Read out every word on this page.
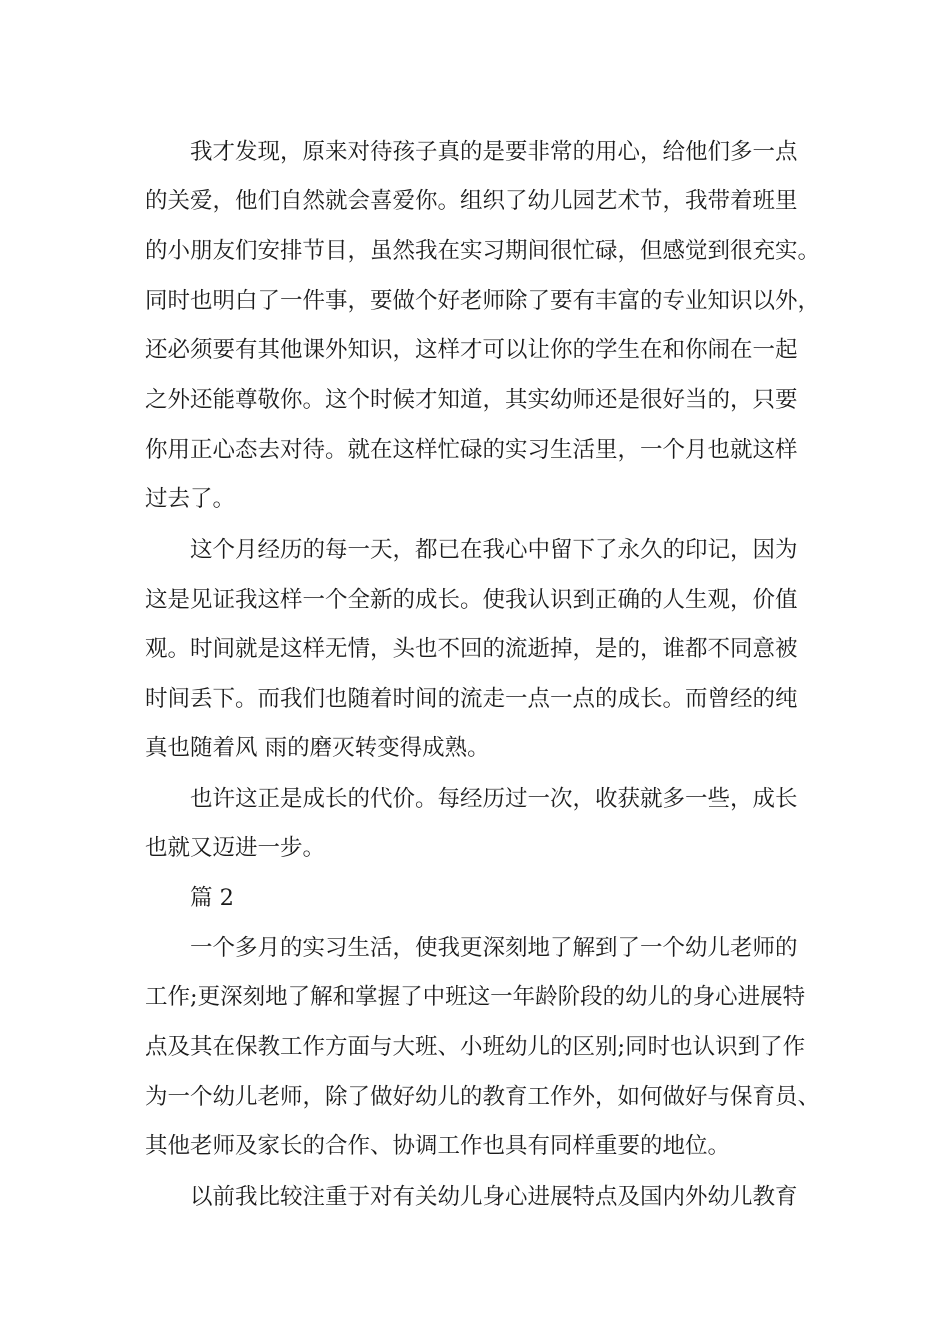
我才发现，原来对待孩子真的是要非常的用心，给他们多一点
的关爱，他们自然就会喜爱你。组织了幼儿园艺术节，我带着班里
的小朋友们安排节目，虽然我在实习期间很忙碌，但感觉到很充实。
同时也明白了一件事，要做个好老师除了要有丰富的专业知识以外，
还必须要有其他课外知识，这样才可以让你的学生在和你闹在一起
之外还能尊敬你。这个时候才知道，其实幼师还是很好当的，只要
你用正心态去对待。就在这样忙碌的实习生活里，一个月也就这样
过去了。
这个月经历的每一天，都已在我心中留下了永久的印记，因为
这是见证我这样一个全新的成长。使我认识到正确的人生观，价值
观。时间就是这样无情，头也不回的流逝掉，是的，谁都不同意被
时间丢下。而我们也随着时间的流走一点一点的成长。而曾经的纯
真也随着风 雨的磨灭转变得成熟。
也许这正是成长的代价。每经历过一次，收获就多一些，成长
也就又迈进一步。
篇 2
一个多月的实习生活，使我更深刻地了解到了一个幼儿老师的
工作;更深刻地了解和掌握了中班这一年龄阶段的幼儿的身心进展特
点及其在保教工作方面与大班、小班幼儿的区别;同时也认识到了作
为一个幼儿老师，除了做好幼儿的教育工作外，如何做好与保育员、
其他老师及家长的合作、协调工作也具有同样重要的地位。
以前我比较注重于对有关幼儿身心进展特点及国内外幼儿教育
